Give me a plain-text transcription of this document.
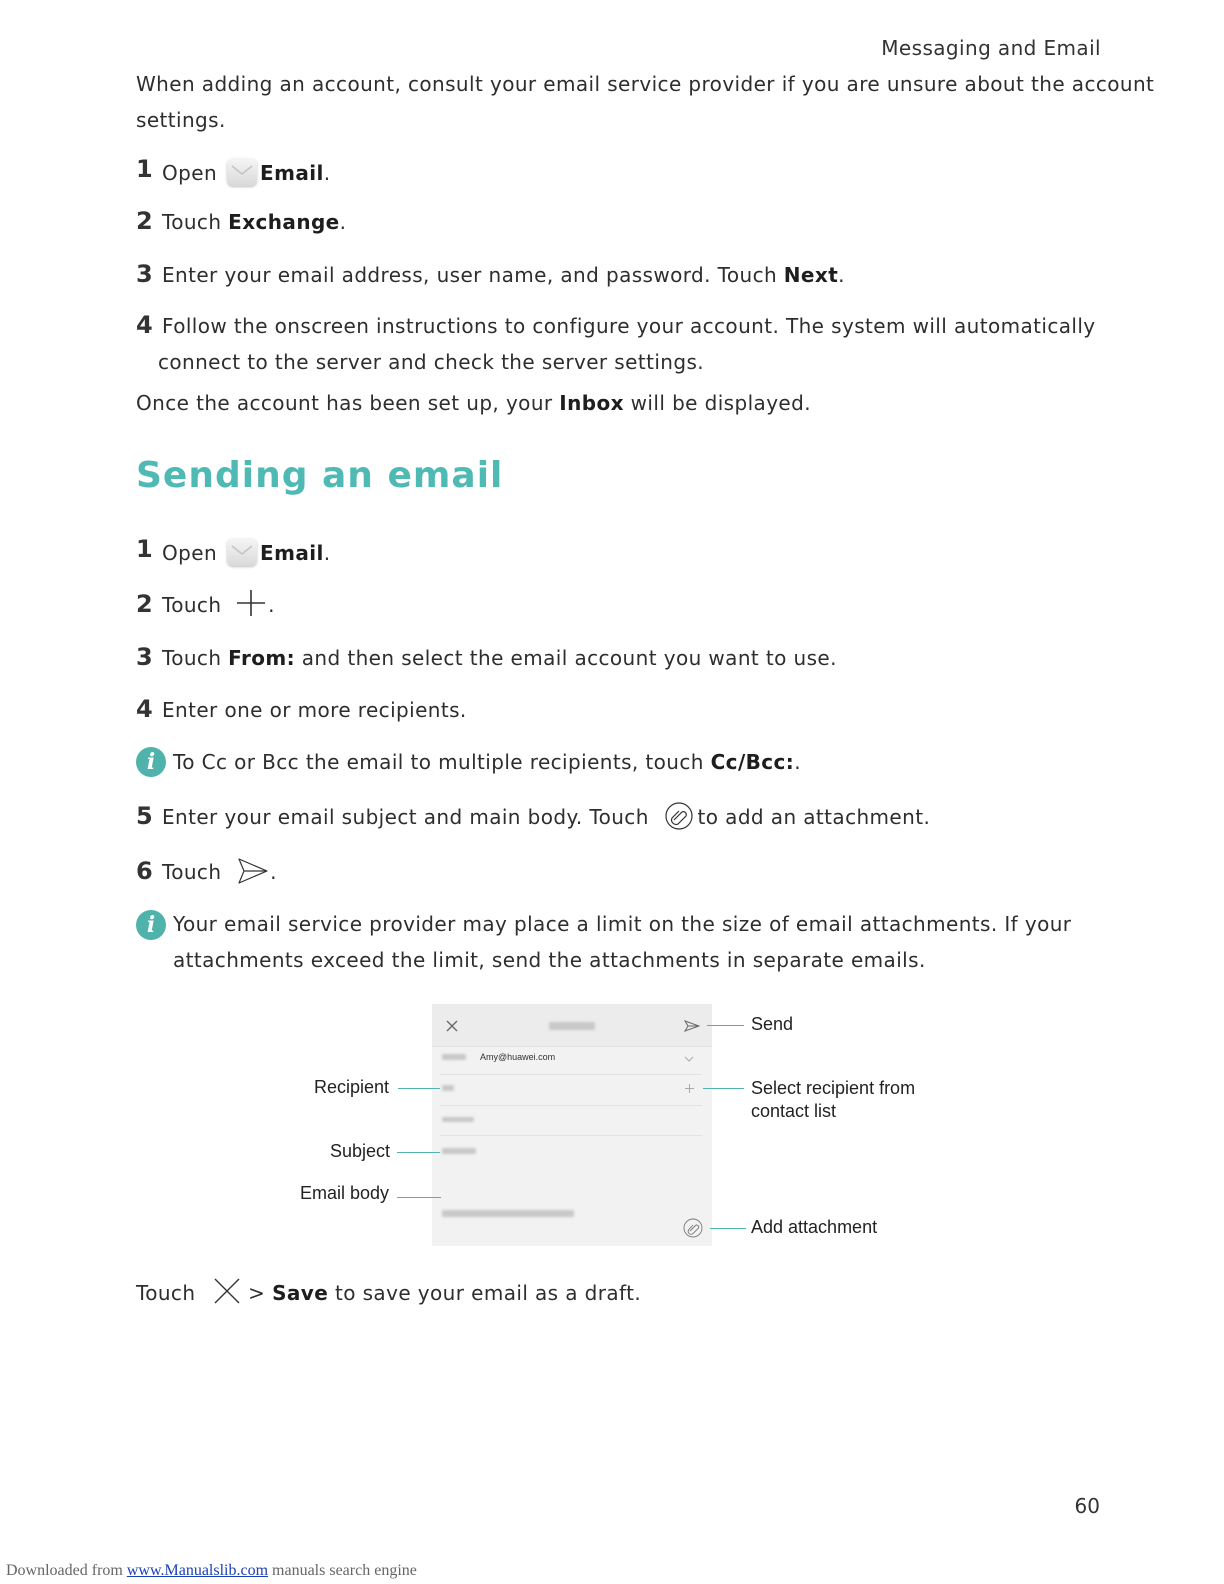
Messaging and Email
When adding an account, consult your email service provider if you are unsure about the account
settings.
1 Open Email.
2 Touch Exchange.
3 Enter your email address, user name, and password. Touch Next.
4 Follow the onscreen instructions to configure your account. The system will automatically
connect to the server and check the server settings.
Once the account has been set up, your Inbox will be displayed.
Sending an email
1 Open Email.
2 Touch .
3 Touch From: and then select the email account you want to use.
4 Enter one or more recipients.
i To Cc or Bcc the email to multiple recipients, touch Cc/Bcc:.
5 Enter your email subject and main body. Touch to add an attachment.
6 Touch .
i Your email service provider may place a limit on the size of email attachments. If your
attachments exceed the limit, send the attachments in separate emails.
Amy@huawei.com
Send
Recipient	Select recipient from
contact list
Subject
Email body
Add attachment
Touch	> Save to save your email as a draft.
60
Downloaded from www.Manualslib.com manuals search engine
